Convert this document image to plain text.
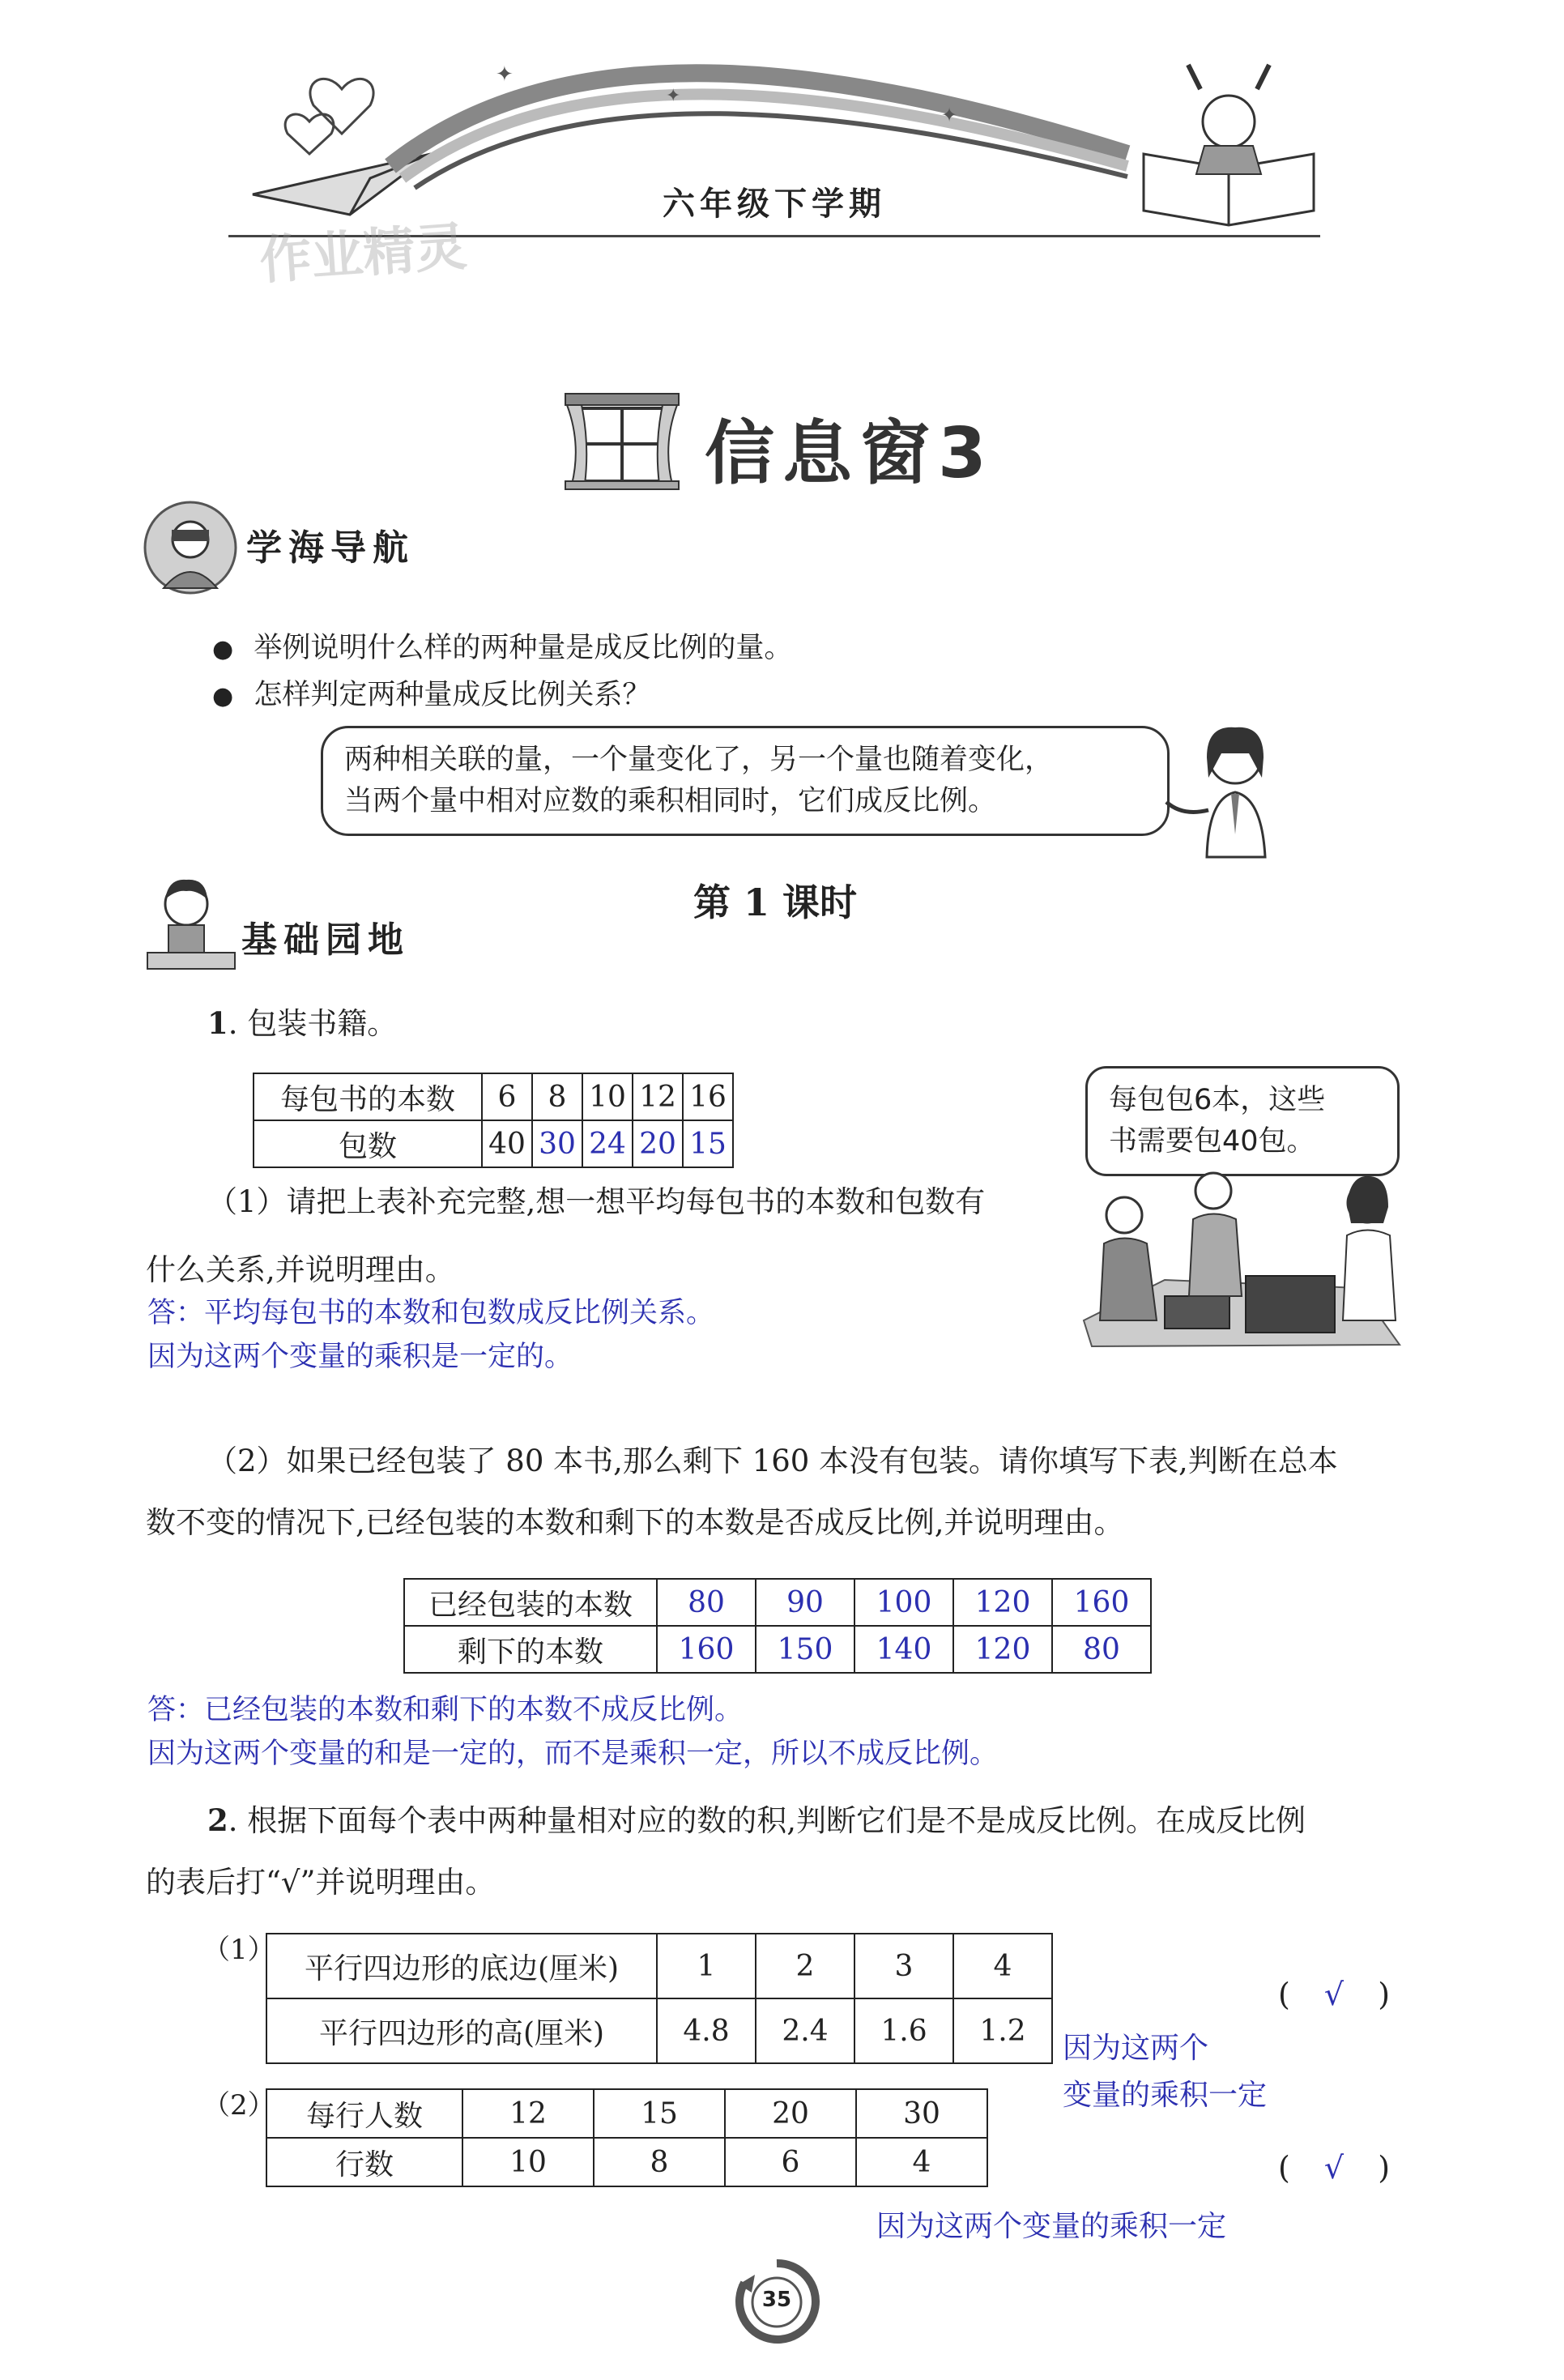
✦
✦
✦
六年级下学期
作业精灵
信息窗3
学海导航
● 举例说明什么样的两种量是成反比例的量。
● 怎样判定两种量成反比例关系？
两种相关联的量，一个量变化了，另一个量也随着变化，
当两个量中相对应数的乘积相同时，它们成反比例。
第 1 课时
基础园地
1. 包装书籍。
每包书的本数	6	8	10	12	16
包数	40	30	24	20	15
每包包6本，这些
书需要包40包。
（1）请把上表补充完整,想一想平均每包书的本数和包数有
什么关系,并说明理由。
答：平均每包书的本数和包数成反比例关系。
因为这两个变量的乘积是一定的。
（2）如果已经包装了 80 本书,那么剩下 160 本没有包装。请你填写下表,判断在总本
数不变的情况下,已经包装的本数和剩下的本数是否成反比例,并说明理由。
已经包装的本数	80	90	100	120	160
剩下的本数	160	150	140	120	80
答：已经包装的本数和剩下的本数不成反比例。
因为这两个变量的和是一定的，而不是乘积一定，所以不成反比例。
2. 根据下面每个表中两种量相对应的数的积,判断它们是不是成反比例。在成反比例
的表后打“√”并说明理由。
（1）
平行四边形的底边(厘米)	1	2	3	4
平行四边形的高(厘米)	4.8	2.4	1.6	1.2
( √ )
因为这两个
变量的乘积一定
（2） 每行人数	12	15	20	30
行数	10	8	6	4	( √ )
因为这两个变量的乘积一定
35
